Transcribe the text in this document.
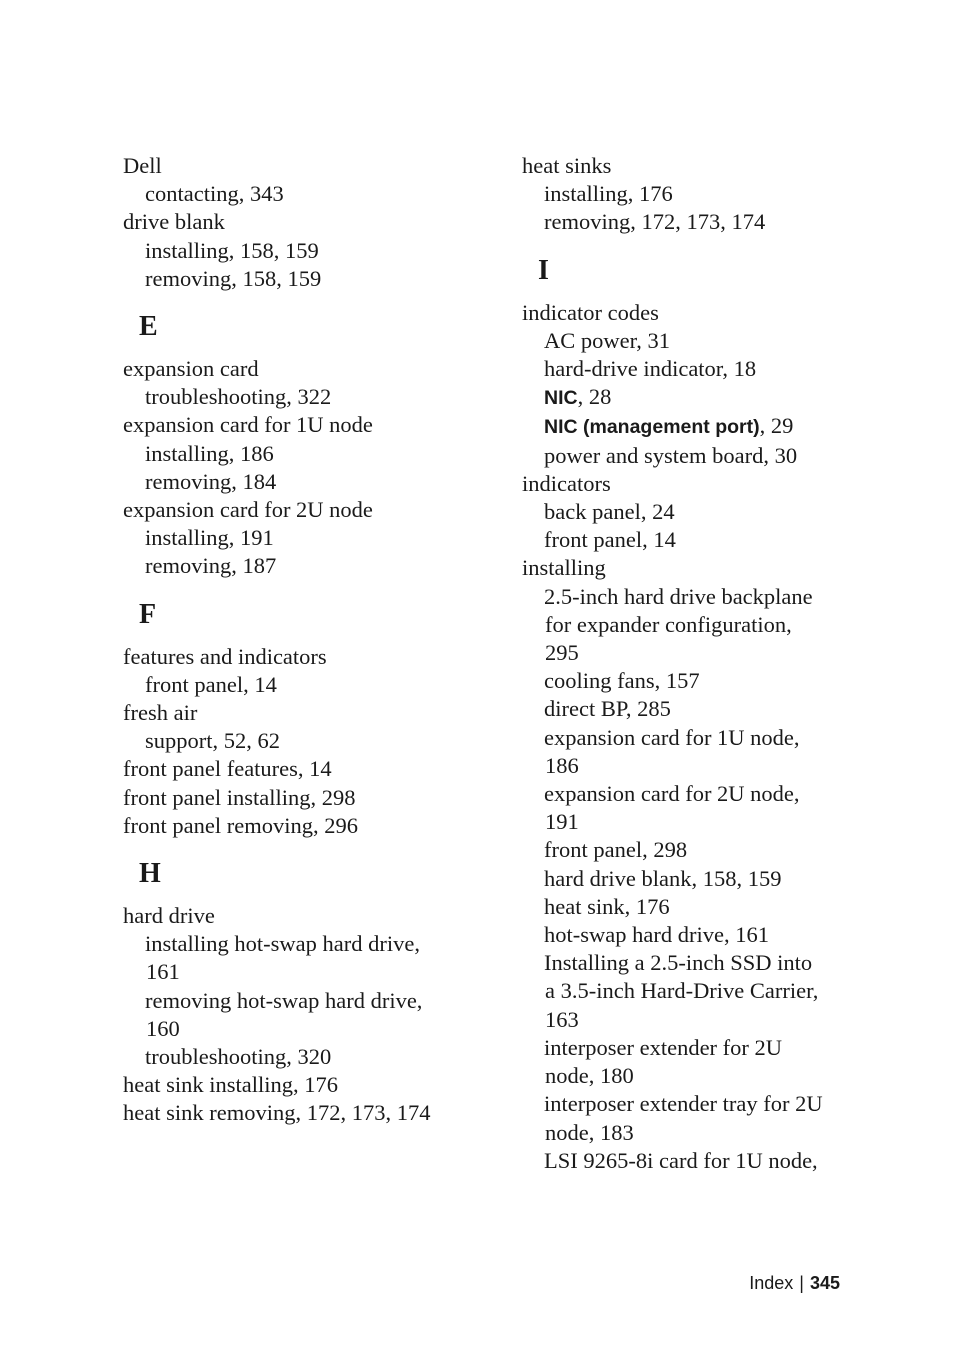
Dell
contacting, 343
drive blank
installing, 158, 159
removing, 158, 159
E
expansion card
troubleshooting, 322
expansion card for 1U node
installing, 186
removing, 184
expansion card for 2U node
installing, 191
removing, 187
F
features and indicators
front panel, 14
fresh air
support, 52, 62
front panel features, 14
front panel installing, 298
front panel removing, 296
H
hard drive
installing hot-swap hard drive,
161
removing hot-swap hard drive,
160
troubleshooting, 320
heat sink installing, 176
heat sink removing, 172, 173, 174
heat sinks
installing, 176
removing, 172, 173, 174
I
indicator codes
AC power, 31
hard-drive indicator, 18
NIC, 28
NIC (management port), 29
power and system board, 30
indicators
back panel, 24
front panel, 14
installing
2.5-inch hard drive backplane
for expander configuration,
295
cooling fans, 157
direct BP, 285
expansion card for 1U node,
186
expansion card for 2U node,
191
front panel, 298
hard drive blank, 158, 159
heat sink, 176
hot-swap hard drive, 161
Installing a 2.5-inch SSD into
a 3.5-inch Hard-Drive Carrier,
163
interposer extender for 2U
node, 180
interposer extender tray for 2U
node, 183
LSI 9265-8i card for 1U node,
Index | 345
